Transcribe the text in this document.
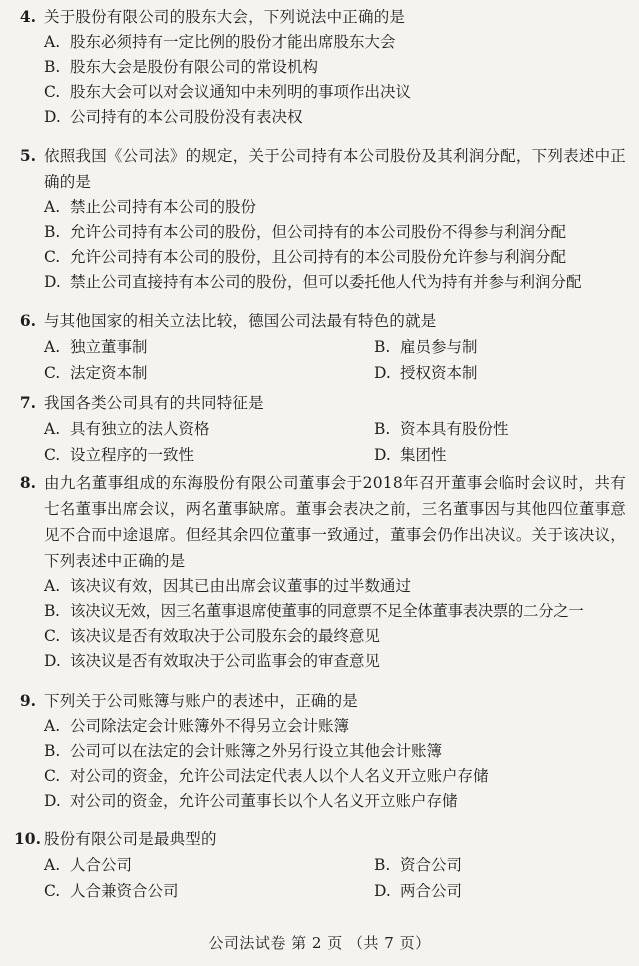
4. 关于股份有限公司的股东大会，下列说法中正确的是
A. 股东必须持有一定比例的股份才能出席股东大会
B. 股东大会是股份有限公司的常设机构
C. 股东大会可以对会议通知中未列明的事项作出决议
D. 公司持有的本公司股份没有表决权
5. 依照我国《公司法》的规定，关于公司持有本公司股份及其利润分配，下列表述中正确的是
A. 禁止公司持有本公司的股份
B. 允许公司持有本公司的股份，但公司持有的本公司股份不得参与利润分配
C. 允许公司持有本公司的股份，且公司持有的本公司股份允许参与利润分配
D. 禁止公司直接持有本公司的股份，但可以委托他人代为持有并参与利润分配
6. 与其他国家的相关立法比较，德国公司法最有特色的就是
A. 独立董事制	B. 雇员参与制
C. 法定资本制	D. 授权资本制
7. 我国各类公司具有的共同特征是
A. 具有独立的法人资格	B. 资本具有股份性
C. 设立程序的一致性	D. 集团性
8. 由九名董事组成的东海股份有限公司董事会于2018年召开董事会临时会议时，共有七名董事出席会议，两名董事缺席。董事会表决之前，三名董事因与其他四位董事意见不合而中途退席。但经其余四位董事一致通过，董事会仍作出决议。关于该决议，下列表述中正确的是
A. 该决议有效，因其已由出席会议董事的过半数通过
B. 该决议无效，因三名董事退席使董事的同意票不足全体董事表决票的二分之一
C. 该决议是否有效取决于公司股东会的最终意见
D. 该决议是否有效取决于公司监事会的审查意见
9. 下列关于公司账簿与账户的表述中，正确的是
A. 公司除法定会计账簿外不得另立会计账簿
B. 公司可以在法定的会计账簿之外另行设立其他会计账簿
C. 对公司的资金，允许公司法定代表人以个人名义开立账户存储
D. 对公司的资金，允许公司董事长以个人名义开立账户存储
10. 股份有限公司是最典型的
A. 人合公司	B. 资合公司
C. 人合兼资合公司	D. 两合公司
公司法试卷 第 2 页 （共 7 页）
